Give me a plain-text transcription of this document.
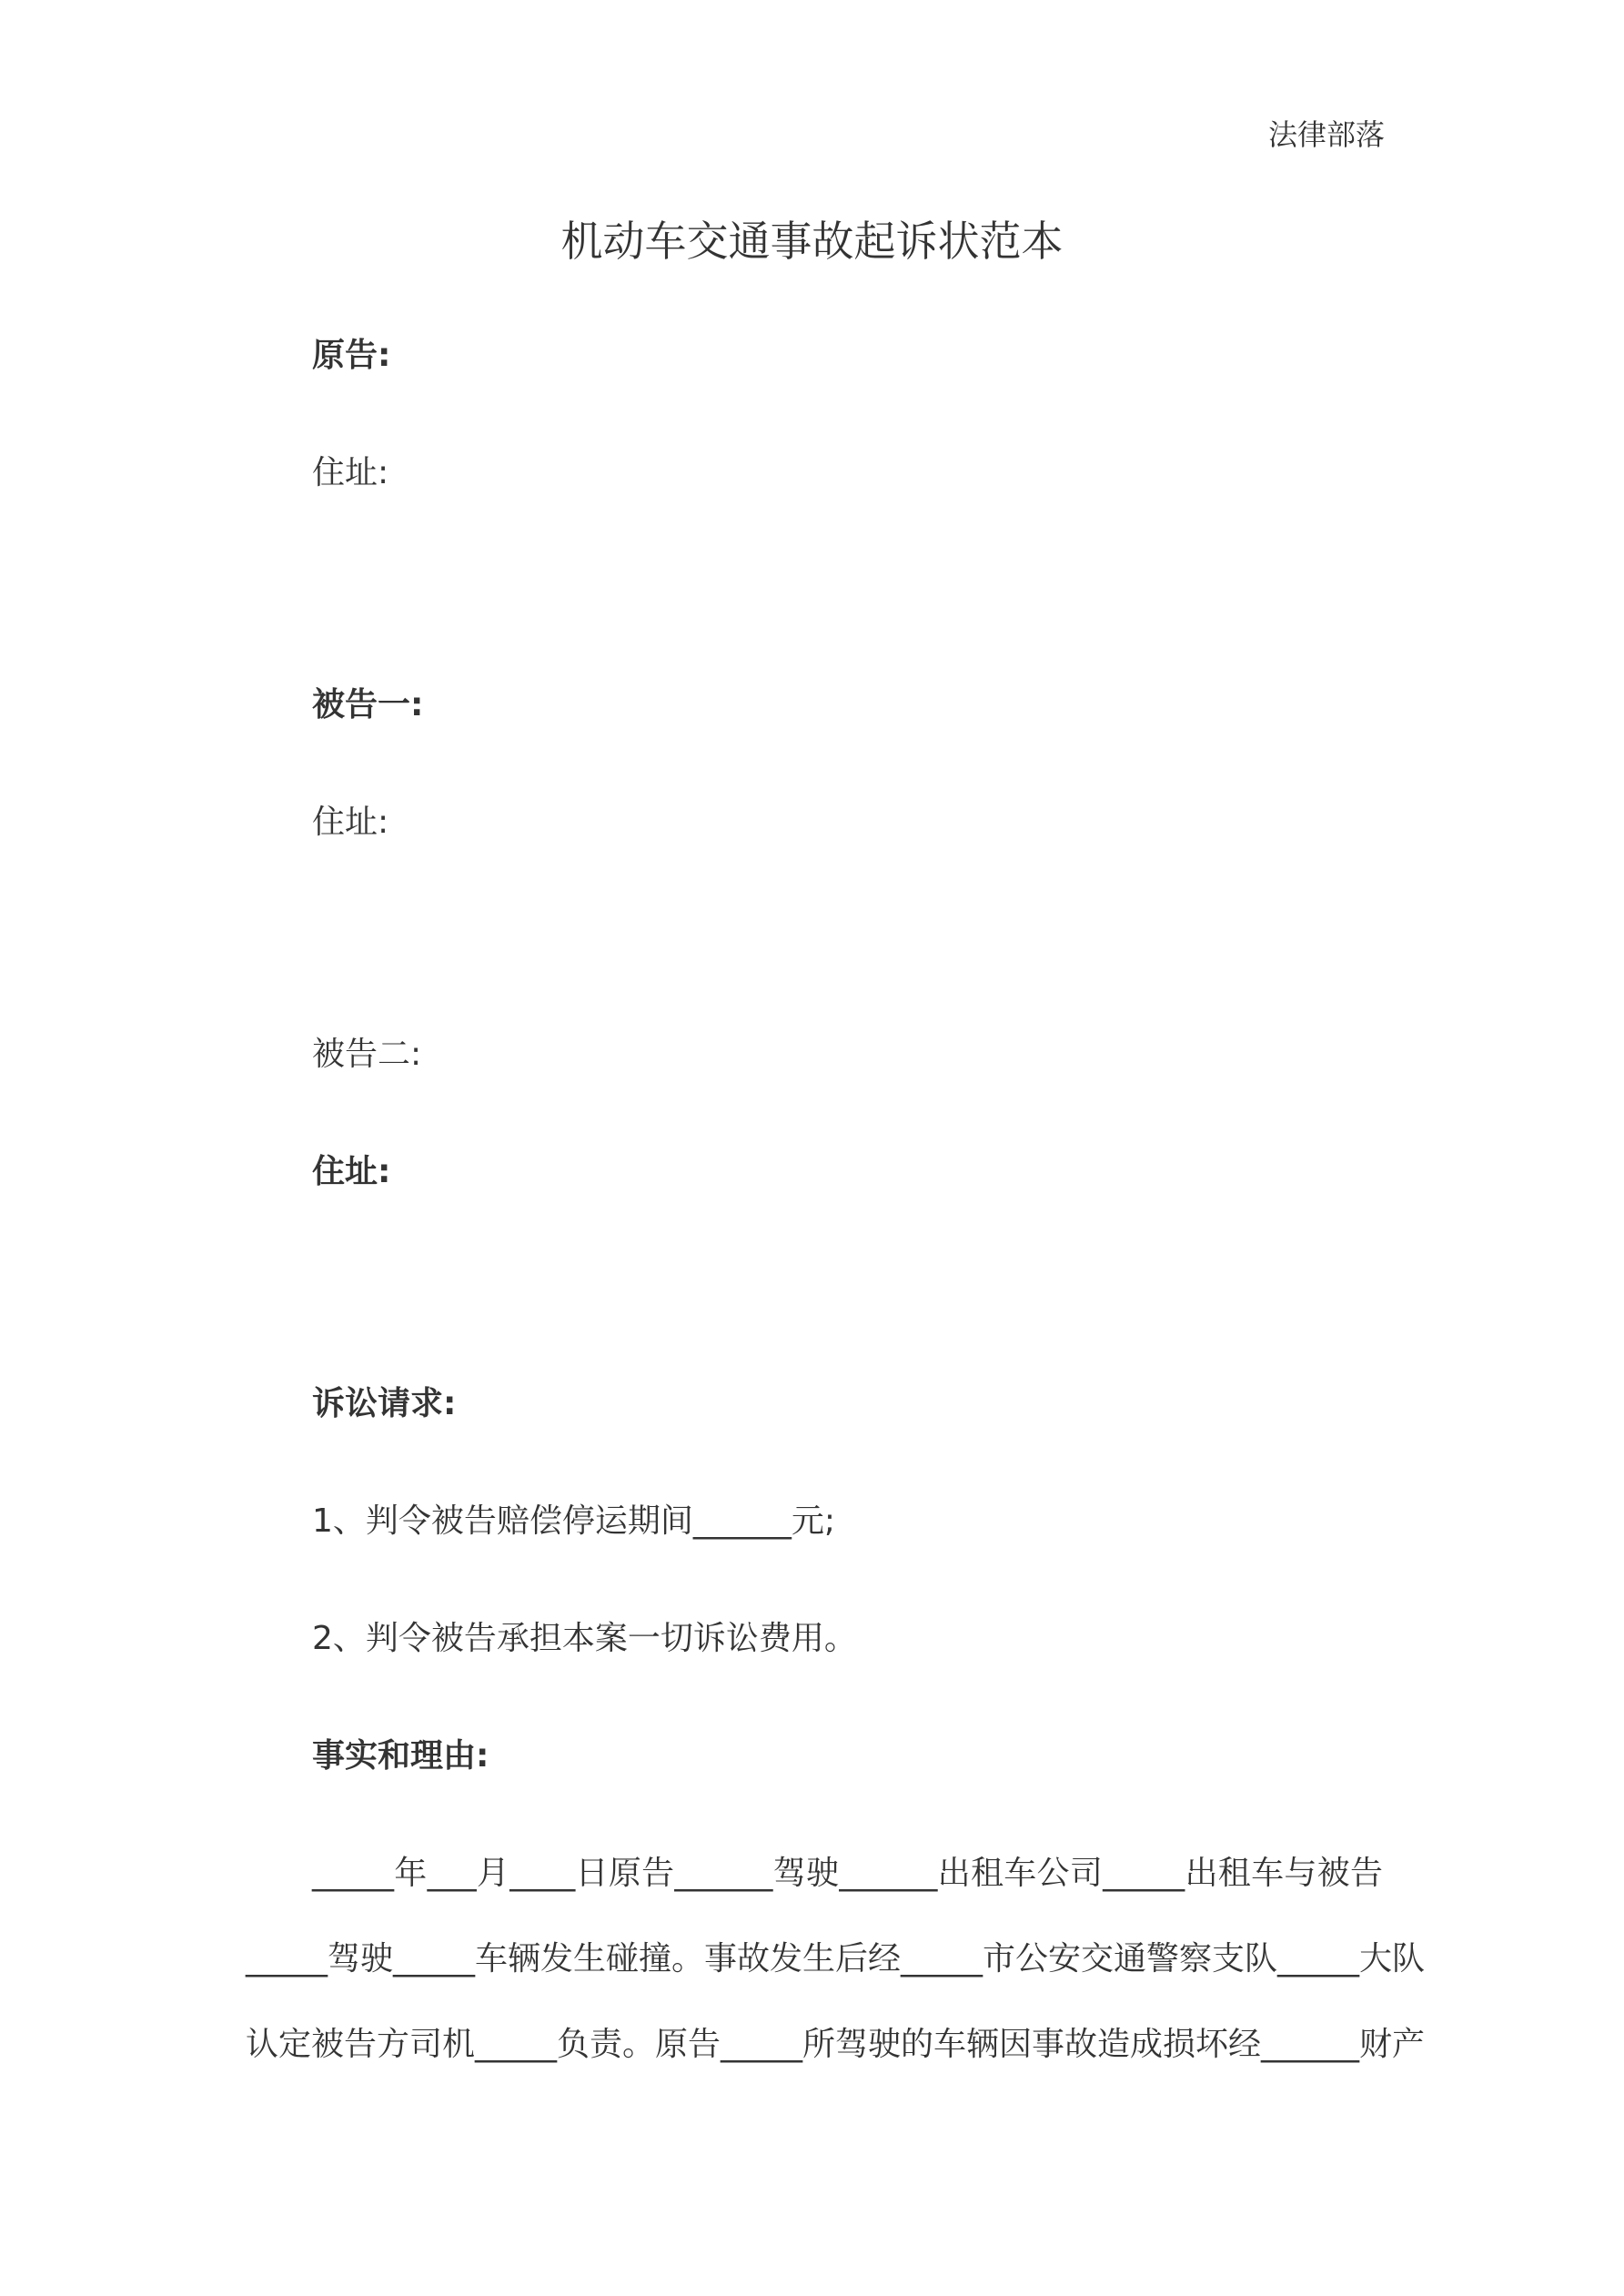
法律部落
机动车交通事故起诉状范本
原告:
住址:
被告一:
住址:
被告二:
住址:
诉讼请求:
1、判令被告赔偿停运期间______元;
2、判令被告承担本案一切诉讼费用。
事实和理由:
_____年___月____日原告______驾驶______出租车公司_____出租车与被告
_____驾驶_____车辆发生碰撞。事故发生后经_____市公安交通警察支队_____大队
认定被告方司机_____负责。原告_____所驾驶的车辆因事故造成损坏经______财产
